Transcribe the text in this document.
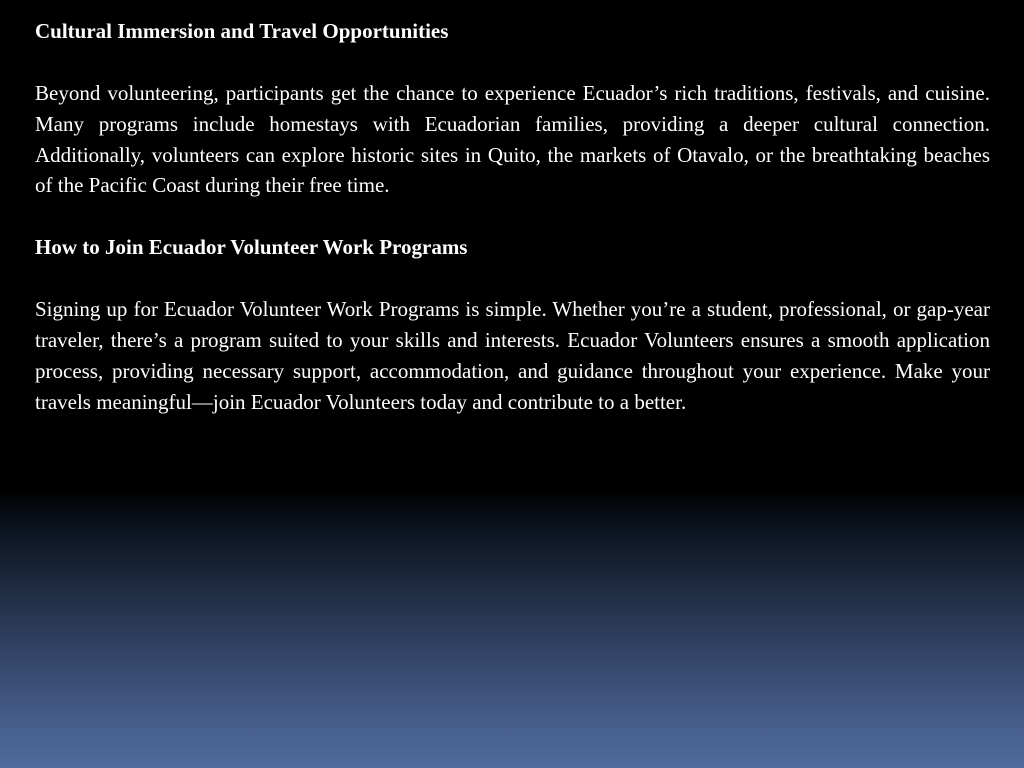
Cultural Immersion and Travel Opportunities

Beyond volunteering, participants get the chance to experience Ecuador’s rich traditions, festivals, and cuisine. Many programs include homestays with Ecuadorian families, providing a deeper cultural connection. Additionally, volunteers can explore historic sites in Quito, the markets of Otavalo, or the breathtaking beaches of the Pacific Coast during their free time.

How to Join Ecuador Volunteer Work Programs

Signing up for Ecuador Volunteer Work Programs is simple. Whether you’re a student, professional, or gap-year traveler, there’s a program suited to your skills and interests. Ecuador Volunteers ensures a smooth application process, providing necessary support, accommodation, and guidance throughout your experience. Make your travels meaningful—join Ecuador Volunteers today and contribute to a better.
